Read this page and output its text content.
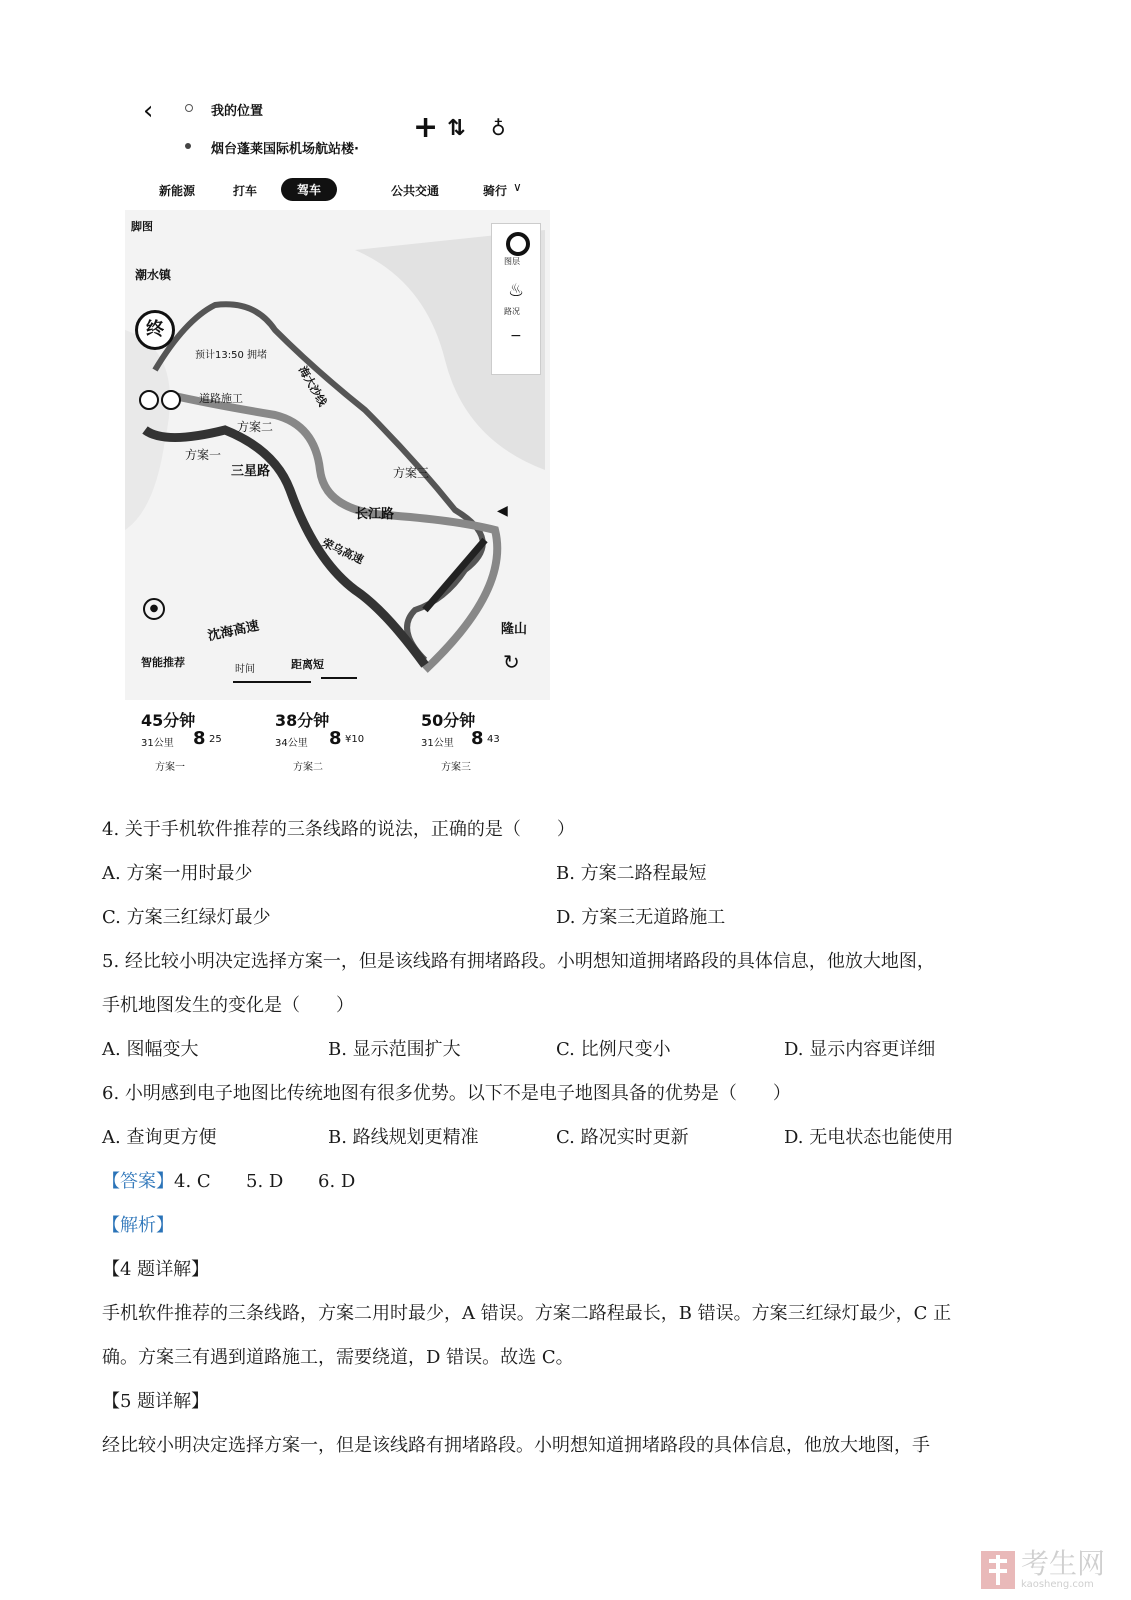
‹	我的位置
烟台蓬莱国际机场航站楼·
+ ⇅ ♁
新能源	打车	驾车	公共交通	骑行 ∨
脚图
潮水镇
终
预计13:50 拥堵
道路施工
方案二
方案一
三星路	方案三
长江路	◀
荣乌高速
海大沙线
图层
♨
路况
−
●
沈海高速	隆山
↻
智能推荐
时间	距离短
45分钟
31公里 8 25
方案一
38分钟
34公里 8 ¥10
方案二
50分钟
31公里 8 43
方案三
4. 关于手机软件推荐的三条线路的说法，正确的是（　　）
A. 方案一用时最少	B. 方案二路程最短
C. 方案三红绿灯最少	D. 方案三无道路施工
5. 经比较小明决定选择方案一，但是该线路有拥堵路段。小明想知道拥堵路段的具体信息，他放大地图，
手机地图发生的变化是（　　）
A. 图幅变大	B. 显示范围扩大	C. 比例尺变小	D. 显示内容更详细
6. 小明感到电子地图比传统地图有很多优势。以下不是电子地图具备的优势是（　　）
A. 查询更方便	B. 路线规划更精准	C. 路况实时更新	D. 无电状态也能使用
【答案】4. C 5. D 6. D
【解析】
【4 题详解】
手机软件推荐的三条线路，方案二用时最少，A 错误。方案二路程最长，B 错误。方案三红绿灯最少，C 正
确。方案三有遇到道路施工，需要绕道，D 错误。故选 C。
【5 题详解】
经比较小明决定选择方案一，但是该线路有拥堵路段。小明想知道拥堵路段的具体信息，他放大地图，手
考生网
kaosheng.com
